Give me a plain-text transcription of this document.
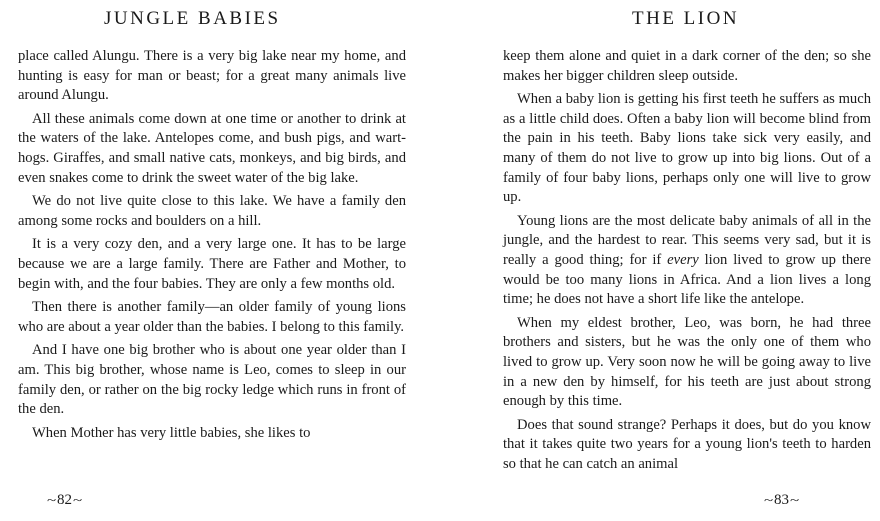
JUNGLE BABIES

place called Alungu. There is a very big lake near my home, and hunting is easy for man or beast; for a great many animals live around Alungu.

All these animals come down at one time or another to drink at the waters of the lake. Antelopes come, and bush pigs, and wart-hogs. Giraffes, and small native cats, monkeys, and big birds, and even snakes come to drink the sweet water of the big lake.

We do not live quite close to this lake. We have a family den among some rocks and boulders on a hill.

It is a very cozy den, and a very large one. It has to be large because we are a large family. There are Father and Mother, to begin with, and the four babies. They are only a few months old.

Then there is another family—an older family of young lions who are about a year older than the babies. I belong to this family.

And I have one big brother who is about one year older than I am. This big brother, whose name is Leo, comes to sleep in our family den, or rather on the big rocky ledge which runs in front of the den.

When Mother has very little babies, she likes to

~82~
THE LION

keep them alone and quiet in a dark corner of the den; so she makes her bigger children sleep outside.

When a baby lion is getting his first teeth he suffers as much as a little child does. Often a baby lion will become blind from the pain in his teeth. Baby lions take sick very easily, and many of them do not live to grow up into big lions. Out of a family of four baby lions, perhaps only one will live to grow up.

Young lions are the most delicate baby animals of all in the jungle, and the hardest to rear. This seems very sad, but it is really a good thing; for if every lion lived to grow up there would be too many lions in Africa. And a lion lives a long time; he does not have a short life like the antelope.

When my eldest brother, Leo, was born, he had three brothers and sisters, but he was the only one of them who lived to grow up. Very soon now he will be going away to live in a new den by himself, for his teeth are just about strong enough by this time.

Does that sound strange? Perhaps it does, but do you know that it takes quite two years for a young lion's teeth to harden so that he can catch an animal

~83~
